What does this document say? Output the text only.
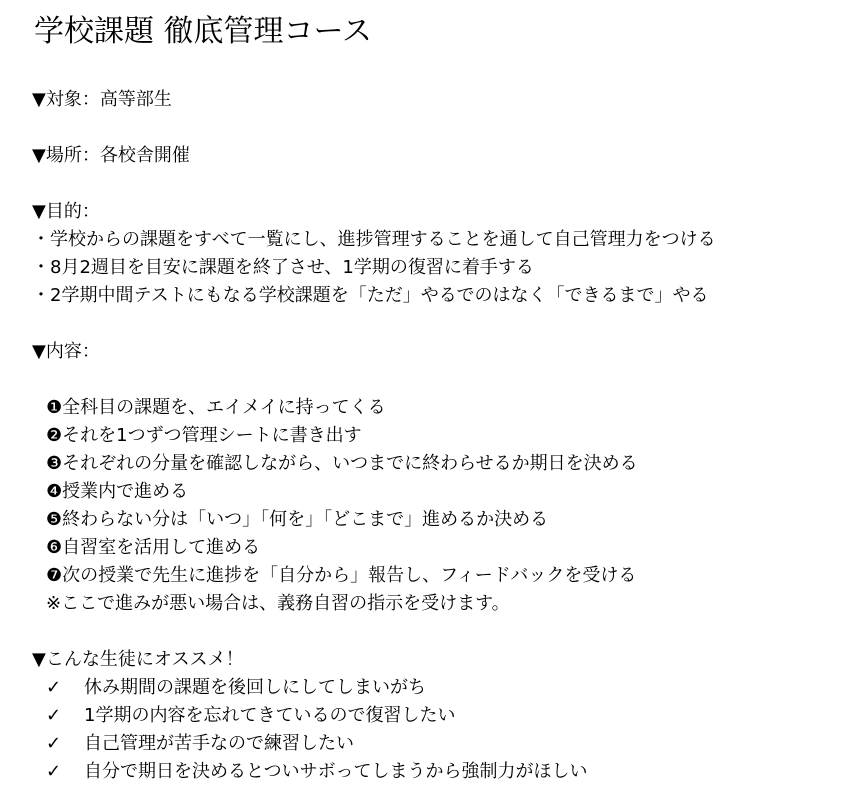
学校課題 徹底管理コース
▼対象：高等部生
▼場所：各校舎開催
▼目的：
・学校からの課題をすべて一覧にし、進捗管理することを通して自己管理力をつける
・8月2週目を目安に課題を終了させ、1学期の復習に着手する
・2学期中間テストにもなる学校課題を「ただ」やるでのはなく「できるまで」やる
▼内容：
❶全科目の課題を、エイメイに持ってくる
❷それを1つずつ管理シートに書き出す
❸それぞれの分量を確認しながら、いつまでに終わらせるか期日を決める
❹授業内で進める
❺終わらない分は「いつ」「何を」「どこまで」進めるか決める
❻自習室を活用して進める
❼次の授業で先生に進捗を「自分から」報告し、フィードバックを受ける
※ここで進みが悪い場合は、義務自習の指示を受けます。
▼こんな生徒にオススメ！
✓ 休み期間の課題を後回しにしてしまいがち
✓ 1学期の内容を忘れてきているので復習したい
✓ 自己管理が苦手なので練習したい
✓ 自分で期日を決めるとついサボってしまうから強制力がほしい
